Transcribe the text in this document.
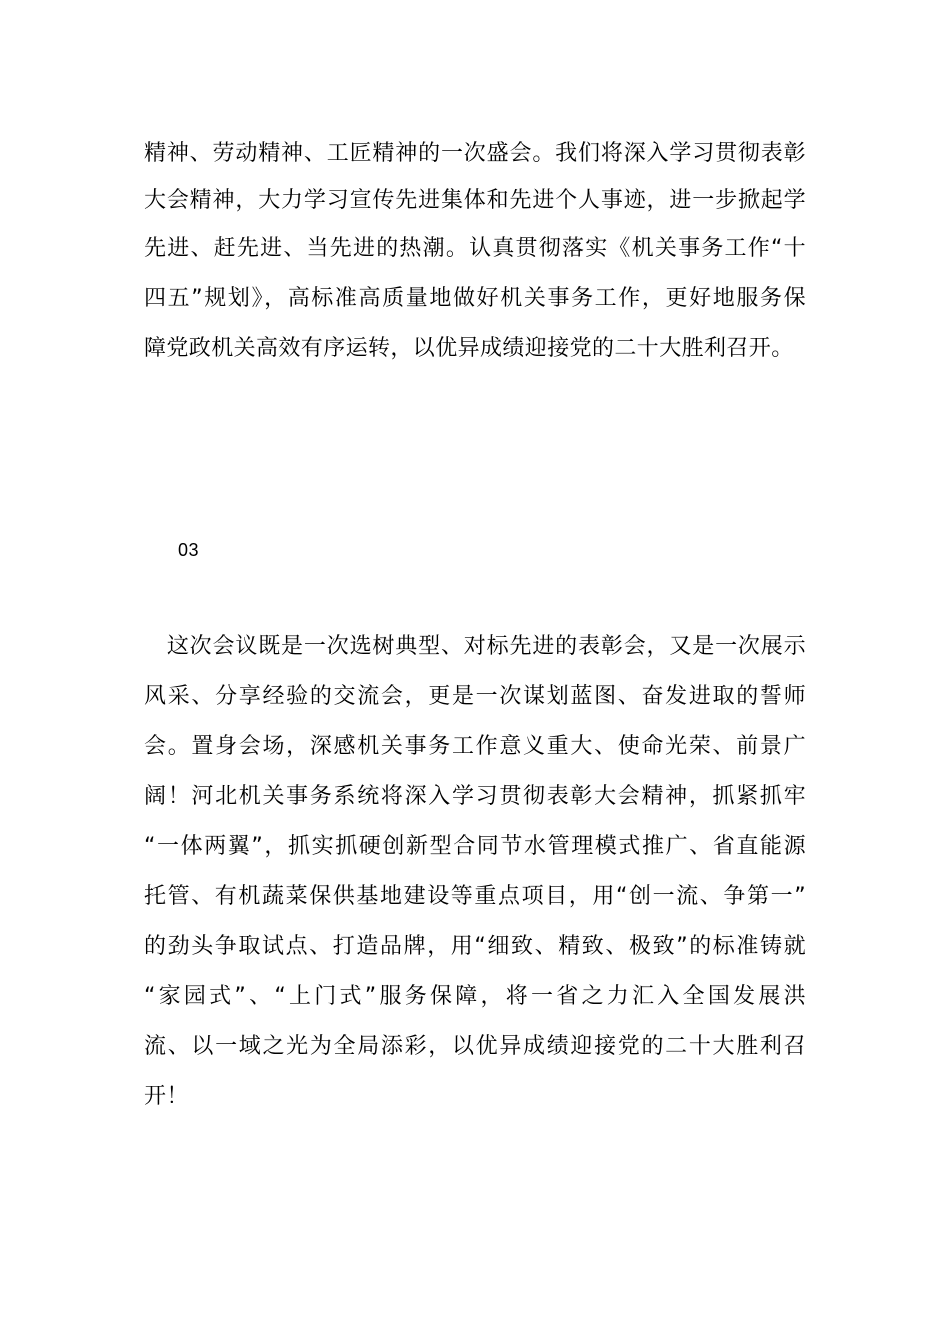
精神、劳动精神、工匠精神的一次盛会。我们将深入学习贯彻表彰
大会精神，大力学习宣传先进集体和先进个人事迹，进一步掀起学
先进、赶先进、当先进的热潮。认真贯彻落实《机关事务工作“十
四五”规划》，高标准高质量地做好机关事务工作，更好地服务保
障党政机关高效有序运转，以优异成绩迎接党的二十大胜利召开。
03
　这次会议既是一次选树典型、对标先进的表彰会，又是一次展示
风采、分享经验的交流会，更是一次谋划蓝图、奋发进取的誓师
会。置身会场，深感机关事务工作意义重大、使命光荣、前景广
阔！河北机关事务系统将深入学习贯彻表彰大会精神，抓紧抓牢
“一体两翼”，抓实抓硬创新型合同节水管理模式推广、省直能源
托管、有机蔬菜保供基地建设等重点项目，用“创一流、争第一”
的劲头争取试点、打造品牌，用“细致、精致、极致”的标准铸就
“家园式”、“上门式”服务保障，将一省之力汇入全国发展洪
流、以一域之光为全局添彩，以优异成绩迎接党的二十大胜利召
开！
